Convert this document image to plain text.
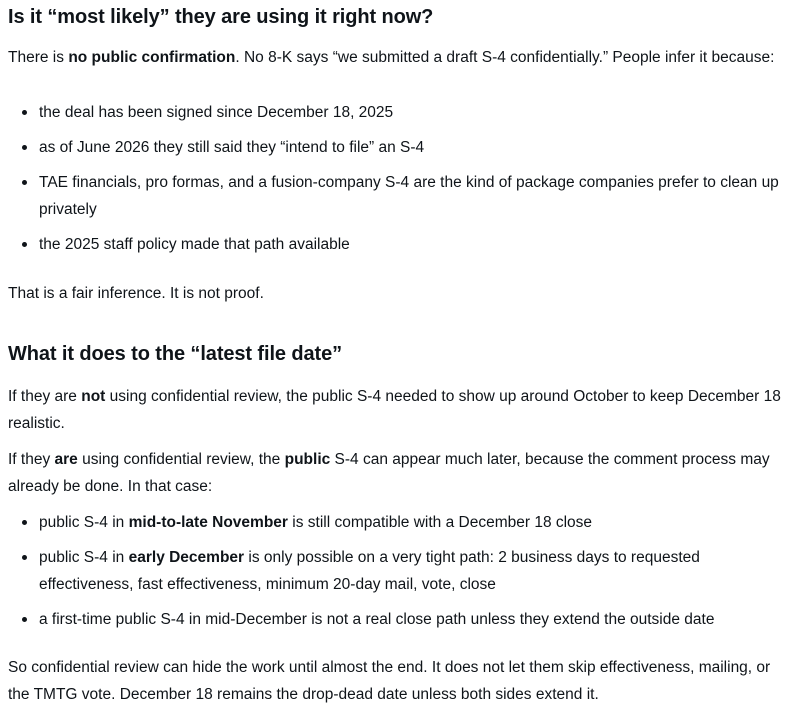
Is it “most likely” they are using it right now?

There is no public confirmation. No 8-K says “we submitted a draft S-4 confidentially.” People infer it because:

the deal has been signed since December 18, 2025
as of June 2026 they still said they “intend to file” an S-4
TAE financials, pro formas, and a fusion-company S-4 are the kind of package companies prefer to clean up privately
the 2025 staff policy made that path available

That is a fair inference. It is not proof.

What it does to the “latest file date”

If they are not using confidential review, the public S-4 needed to show up around October to keep December 18 realistic.

If they are using confidential review, the public S-4 can appear much later, because the comment process may already be done. In that case:

public S-4 in mid-to-late November is still compatible with a December 18 close
public S-4 in early December is only possible on a very tight path: 2 business days to requested effectiveness, fast effectiveness, minimum 20-day mail, vote, close
a first-time public S-4 in mid-December is not a real close path unless they extend the outside date

So confidential review can hide the work until almost the end. It does not let them skip effectiveness, mailing, or the TMTG vote. December 18 remains the drop-dead date unless both sides extend it.
